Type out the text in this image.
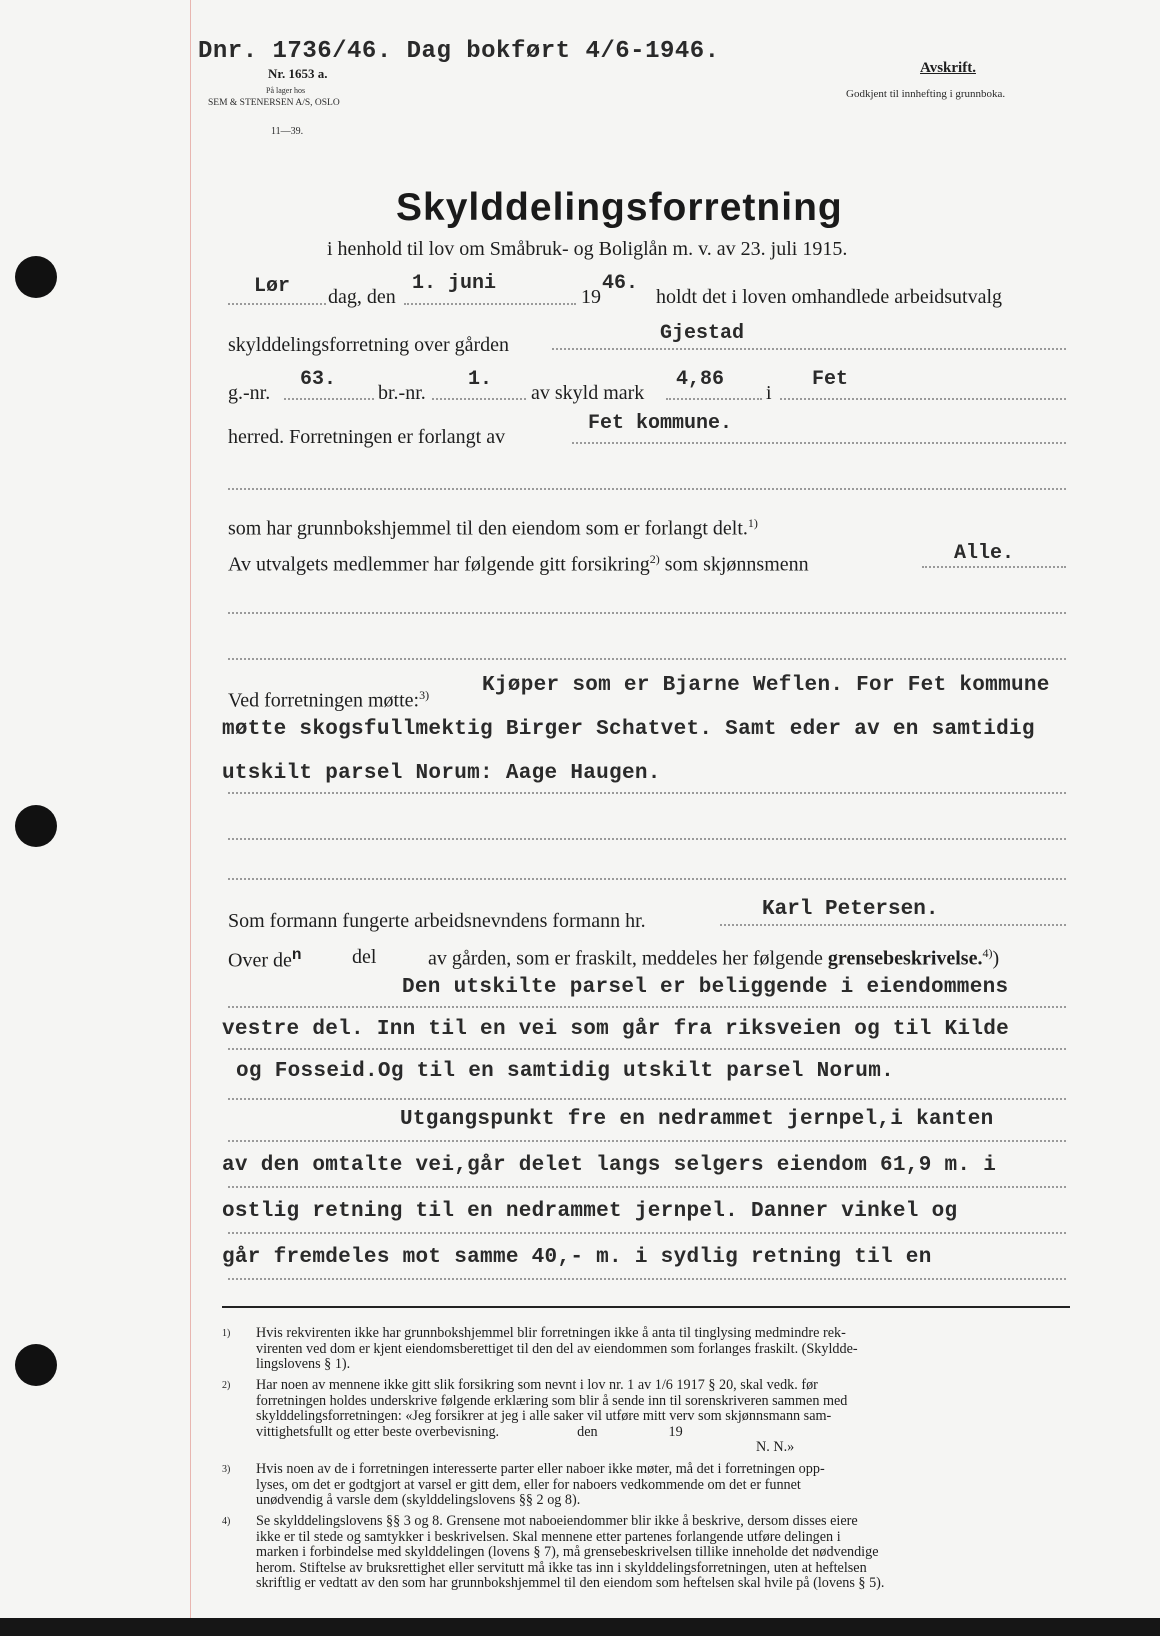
Dnr. 1736/46. Dag bokført 4/6-1946.
Nr. 1653 a.
På lager hos
SEM & STENERSEN A/S, OSLO
11—39.
Avskrift.
Godkjent til innhefting i grunnboka.
Skylddelingsforretning
i henhold til lov om Småbruk- og Boliglån m. v. av 23. juli 1915.
Lør dag, den
1. juni
19
46.
holdt det i loven omhandlede arbeidsutvalg
skylddelingsforretning over gården	Gjestad
g.-nr.
63.
br.-nr.
1.
av skyld mark
4,86
i
Fet
herred. Forretningen er forlangt av
Fet kommune.
som har grunnbokshjemmel til den eiendom som er forlangt delt.$^{1)}$
Av utvalgets medlemmer har følgende gitt forsikring$^{2)}$ som skjønnsmenn	Alle.
Ved forretningen møtte:$^{3)}$	Kjøper som er Bjarne Weflen. For Fet kommune
møtte skogsfullmektig Birger Schatvet. Samt eder av en samtidig
utskilt parsel Norum: Aage Haugen.
Som formann fungerte arbeidsnevndens formann hr.	Karl Petersen.
Over $de^n$	del	av gården, som er fraskilt, meddeles her følgende grensebeskrivelse.$^{4)}$)
Den utskilte parsel er beliggende i eiendommens
vestre del. Inn til en vei som går fra riksveien og til Kilde
og Fosseid.Og til en samtidig utskilt parsel Norum.
Utgangspunkt fre en nedrammet jernpel,i kanten
av den omtalte vei,går delet langs selgers eiendom 61,9 m. i
ostlig retning til en nedrammet jernpel. Danner vinkel og
går fremdeles mot samme 40,- m. i sydlig retning til en
1) Hvis rekvirenten ikke har grunnbokshjemmel blir forretningen ikke å anta til tinglysing medmindre rek-
virenten ved dom er kjent eiendomsberettiget til den del av eiendommen som forlanges fraskilt. (Skyldde-
lingslovens § 1).
2) Har noen av mennene ikke gitt slik forsikring som nevnt i lov nr. 1 av 1/6 1917 § 20, skal vedk. før
forretningen holdes underskrive følgende erklæring som blir å sende inn til sorenskriveren sammen med
skylddelingsforretningen: «Jeg forsikrer at jeg i alle saker vil utføre mitt verv som skjønnsmann sam-
vittighetsfullt og etter beste overbevisning.                      den                    19
N. N.»
3) Hvis noen av de i forretningen interesserte parter eller naboer ikke møter, må det i forretningen opp-
lyses, om det er godtgjort at varsel er gitt dem, eller for naboers vedkommende om det er funnet
unødvendig å varsle dem (skylddelingslovens §§ 2 og 8).
4) Se skylddelingslovens §§ 3 og 8. Grensene mot naboeiendommer blir ikke å beskrive, dersom disses eiere
ikke er til stede og samtykker i beskrivelsen. Skal mennene etter partenes forlangende utføre delingen i
marken i forbindelse med skylddelingen (lovens § 7), må grensebeskrivelsen tillike inneholde det nødvendige
herom. Stiftelse av bruksrettighet eller servitutt må ikke tas inn i skylddelingsforretningen, uten at heftelsen
skriftlig er vedtatt av den som har grunnbokshjemmel til den eiendom som heftelsen skal hvile på (lovens § 5).
